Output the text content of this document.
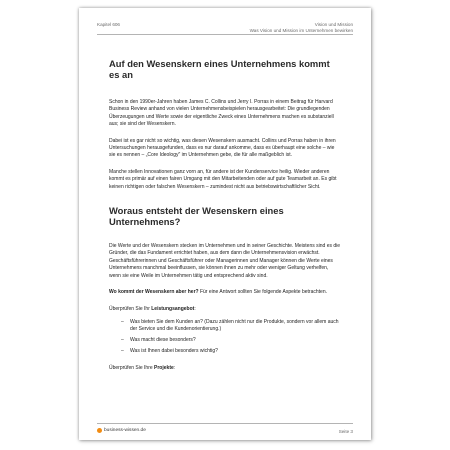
Kapitel 606	Vision und Mission
Was Vision und Mission im Unternehmen bewirken
Auf den Wesenskern eines Unternehmens kommt es an

Schon in den 1990er-Jahren haben James C. Collins und Jerry I. Porras in einem Beitrag für Harvard Business Review anhand von vielen Unternehmensbeispielen herausgearbeitet: Die grundlegenden Überzeugungen und Werte sowie der eigentliche Zweck eines Unternehmens machen es substanziell aus; sie sind der Wesenskern.

Dabei ist es gar nicht so wichtig, was diesen Wesenskern ausmacht. Collins und Porras haben in ihren Untersuchungen herausgefunden, dass es nur darauf ankomme, dass es überhaupt eine solche – wie sie es nennen – „Core Ideology" im Unternehmen gebe, die für alle maßgeblich ist.

Manche stellen Innovationen ganz vorn an, für andere ist der Kundenservice heilig. Wieder anderen kommt es primär auf einen fairen Umgang mit den Mitarbeitenden oder auf gute Teamarbeit an. Es gibt keinen richtigen oder falschen Wesenskern – zumindest nicht aus betriebswirtschaftlicher Sicht.

Woraus entsteht der Wesenskern eines Unternehmens?

Die Werte und der Wesenskern stecken im Unternehmen und in seiner Geschichte. Meistens sind es die Gründer, die das Fundament errichtet haben, aus dem dann die Unternehmensvision erwächst. Geschäftsführerinnen und Geschäftsführer oder Managerinnen und Manager können die Werte eines Unternehmens manchmal beeinflussen, sie können ihnen zu mehr oder weniger Geltung verhelfen, wenn sie eine Weile im Unternehmen tätig und entsprechend aktiv sind.

Wo kommt der Wesenskern aber her? Für eine Antwort sollten Sie folgende Aspekte betrachten.

Überprüfen Sie Ihr Leistungsangebot:

– Was bieten Sie dem Kunden an? (Dazu zählen nicht nur die Produkte, sondern vor allem auch der Service und die Kundenorientierung.)
– Was macht diese besonders?
– Was ist Ihnen dabei besonders wichtig?

Überprüfen Sie Ihre Projekte:

business-wissen.de	Seite 3
